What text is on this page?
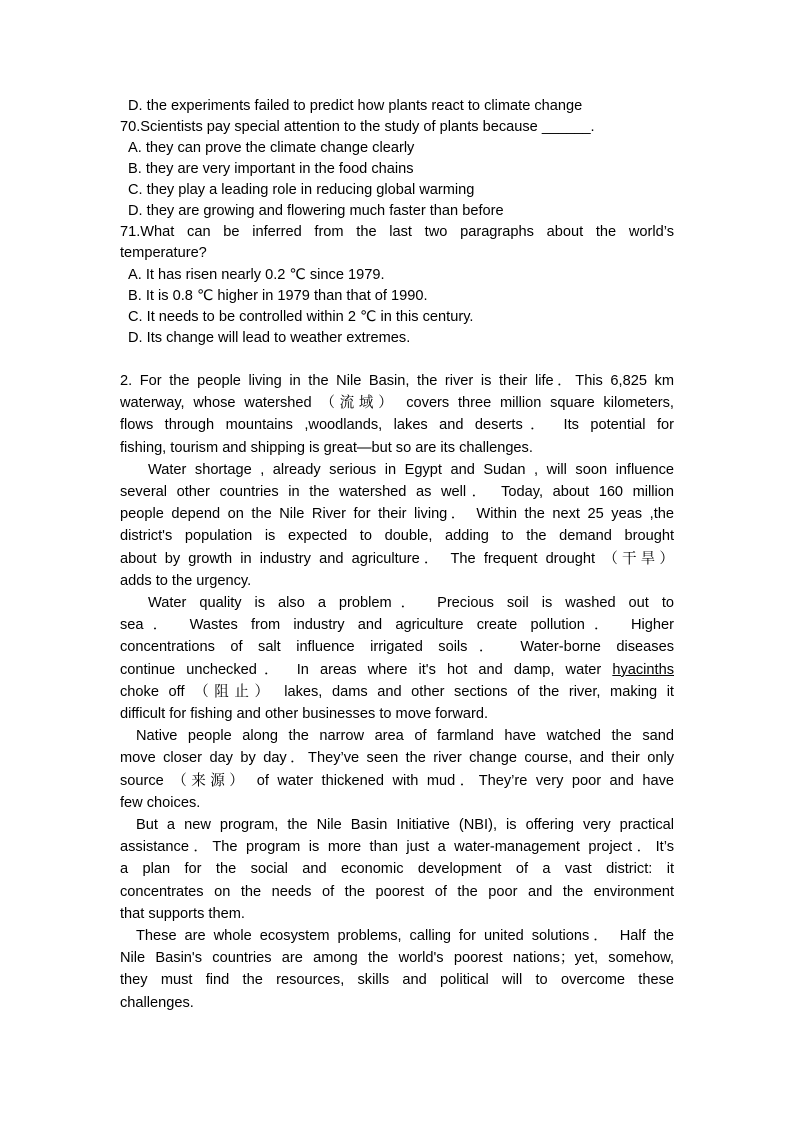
D. the experiments failed to predict how plants react to climate change
70.Scientists pay special attention to the study of plants because ______.
A. they can prove the climate change clearly
B. they are very important in the food chains
C. they play a leading role in reducing global warming
D. they are growing and flowering much faster than before
71.What can be inferred from the last two paragraphs about the world’s
temperature?
A. It has risen nearly 0.2 ℃ since 1979.
B. It is 0.8 ℃ higher in 1979 than that of 1990.
C. It needs to be controlled within 2 ℃ in this century.
D. Its change will lead to weather extremes.
2. For the people living in the Nile Basin, the river is their life．This 6,825 km
waterway, whose watershed （流域） covers three million square kilometers,
flows through mountains ,woodlands, lakes and deserts． Its potential for
fishing, tourism and shipping is great—but so are its challenges.
Water shortage , already serious in Egypt and Sudan , will soon influence
several other countries in the watershed as well． Today, about 160 million
people depend on the Nile River for their living． Within the next 25 yeas ,the
district's population is expected to double, adding to the demand brought
about by growth in industry and agriculture． The frequent drought （干旱）
adds to the urgency.
Water quality is also a problem． Precious soil is washed out to
sea． Wastes from industry and agriculture create pollution． Higher
concentrations of salt influence irrigated soils． Water-borne diseases
continue unchecked． In areas where it's hot and damp, water hyacinths
choke off （阻止） lakes, dams and other sections of the river, making it
difficult for fishing and other businesses to move forward.
Native people along the narrow area of farmland have watched the sand
move closer day by day．They’ve seen the river change course, and their only
source （来源） of water thickened with mud．They’re very poor and have
few choices.
But a new program, the Nile Basin Initiative (NBI), is offering very practical
assistance．The program is more than just a water-management project．It’s
a plan for the social and economic development of a vast district: it
concentrates on the needs of the poorest of the poor and the environment
that supports them.
These are whole ecosystem problems, calling for united solutions． Half the
Nile Basin's countries are among the world's poorest nations；yet, somehow,
they must find the resources, skills and political will to overcome these
challenges.
